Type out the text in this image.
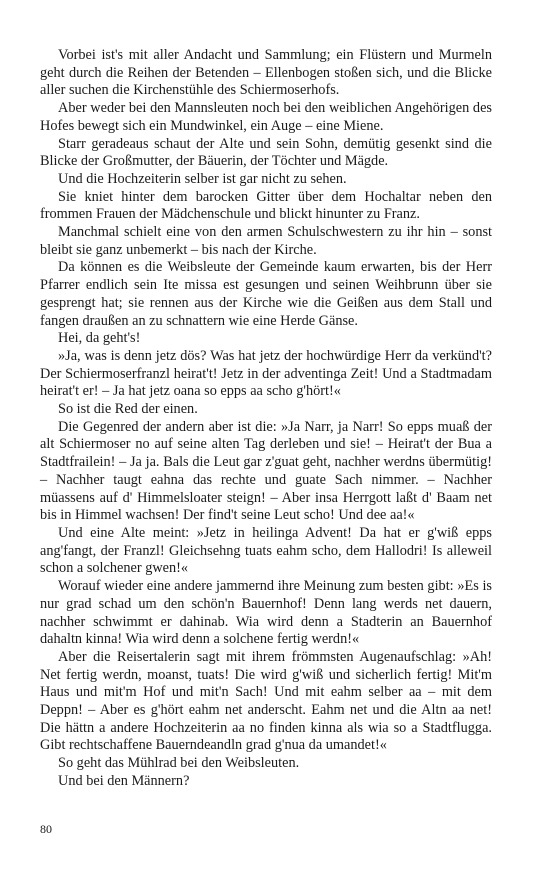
Vorbei ist's mit aller Andacht und Sammlung; ein Flüstern und Murmeln geht durch die Reihen der Betenden – Ellenbogen stoßen sich, und die Blicke aller suchen die Kirchenstühle des Schiermoserhofs.

Aber weder bei den Mannsleuten noch bei den weiblichen Angehörigen des Hofes bewegt sich ein Mundwinkel, ein Auge – eine Miene.

Starr geradeaus schaut der Alte und sein Sohn, demütig gesenkt sind die Blicke der Großmutter, der Bäuerin, der Töchter und Mägde.

Und die Hochzeiterin selber ist gar nicht zu sehen.

Sie kniet hinter dem barocken Gitter über dem Hochaltar neben den frommen Frauen der Mädchenschule und blickt hinunter zu Franz.

Manchmal schielt eine von den armen Schulschwestern zu ihr hin – sonst bleibt sie ganz unbemerkt – bis nach der Kirche.

Da können es die Weibsleute der Gemeinde kaum erwarten, bis der Herr Pfarrer endlich sein Ite missa est gesungen und seinen Weihbrunn über sie gesprengt hat; sie rennen aus der Kirche wie die Geißen aus dem Stall und fangen draußen an zu schnattern wie eine Herde Gänse.

Hei, da geht's!

»Ja, was is denn jetz dös? Was hat jetz der hochwürdige Herr da verkünd't? Der Schiermoserfranzl heirat't! Jetz in der adventinga Zeit! Und a Stadtmadam heirat't er! – Ja hat jetz oana so epps aa scho g'hört!«

So ist die Red der einen.

Die Gegenred der andern aber ist die: »Ja Narr, ja Narr! So epps muaß der alt Schiermoser no auf seine alten Tag derleben und sie! – Heirat't der Bua a Stadtfrailein! – Ja ja. Bals die Leut gar z'guat geht, nachher werdns übermütig! – Nachher taugt eahna das rechte und guate Sach nimmer. – Nachher müassens auf d' Himmelsloater steign! – Aber insa Herrgott laßt d' Baam net bis in Himmel wachsen! Der find't seine Leut scho! Und dee aa!«

Und eine Alte meint: »Jetz in heilinga Advent! Da hat er g'wiß epps ang'fangt, der Franzl! Gleichsehng tuats eahm scho, dem Hallodri! Is alleweil schon a solchener gwen!«

Worauf wieder eine andere jammernd ihre Meinung zum besten gibt: »Es is nur grad schad um den schön'n Bauernhof! Denn lang werds net dauern, nachher schwimmt er dahinab. Wia wird denn a Stadterin an Bauernhof dahaltn kinna! Wia wird denn a solchene fertig werdn!«

Aber die Reisertalerin sagt mit ihrem frömmsten Augenaufschlag: »Ah! Net fertig werdn, moanst, tuats! Die wird g'wiß und sicherlich fertig! Mit'm Haus und mit'm Hof und mit'n Sach! Und mit eahm selber aa – mit dem Deppn! – Aber es g'hört eahm net anderscht. Eahm net und die Altn aa net! Die hättn a andere Hochzeiterin aa no finden kinna als wia so a Stadtflugga. Gibt rechtschaffene Bauerndeandln grad g'nua da umandet!«

So geht das Mühlrad bei den Weibsleuten.

Und bei den Männern?

80
